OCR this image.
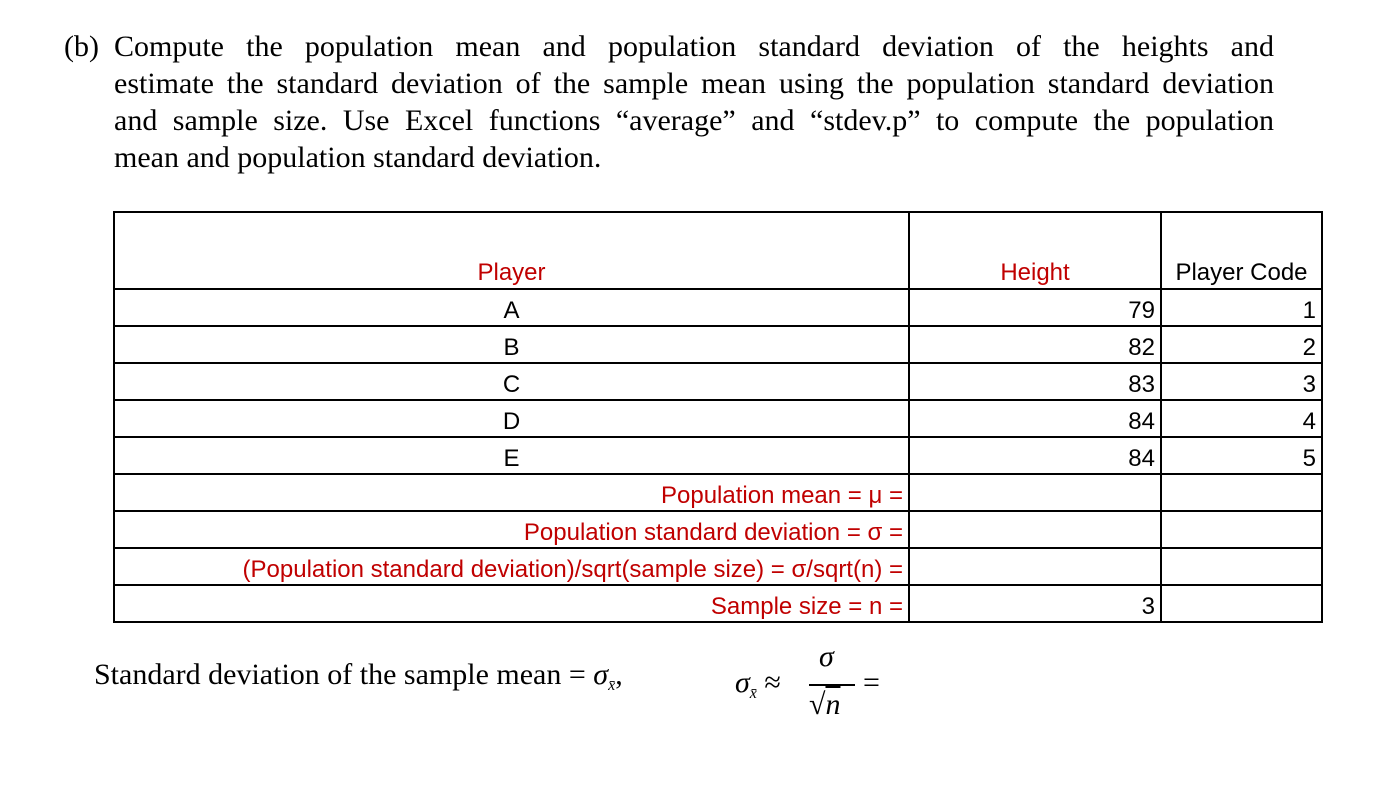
(b) Compute the population mean and population standard deviation of the heights and
estimate the standard deviation of the sample mean using the population standard deviation
and sample size. Use Excel functions “average” and “stdev.p” to compute the population
mean and population standard deviation.
Player	Height	Player Code
A	79	1
B	82	2
C	83	3
D	84	4
E	84	5
Population mean = μ =		
Population standard deviation = σ =		
(Population standard deviation)/sqrt(sample size) = σ/sqrt(n) =		
Sample size = n =	3	
Standard deviation of the sample mean = $\sigma_{x̄}$,	$\sigma_{x̄}$ ≈
σ
√n
=
